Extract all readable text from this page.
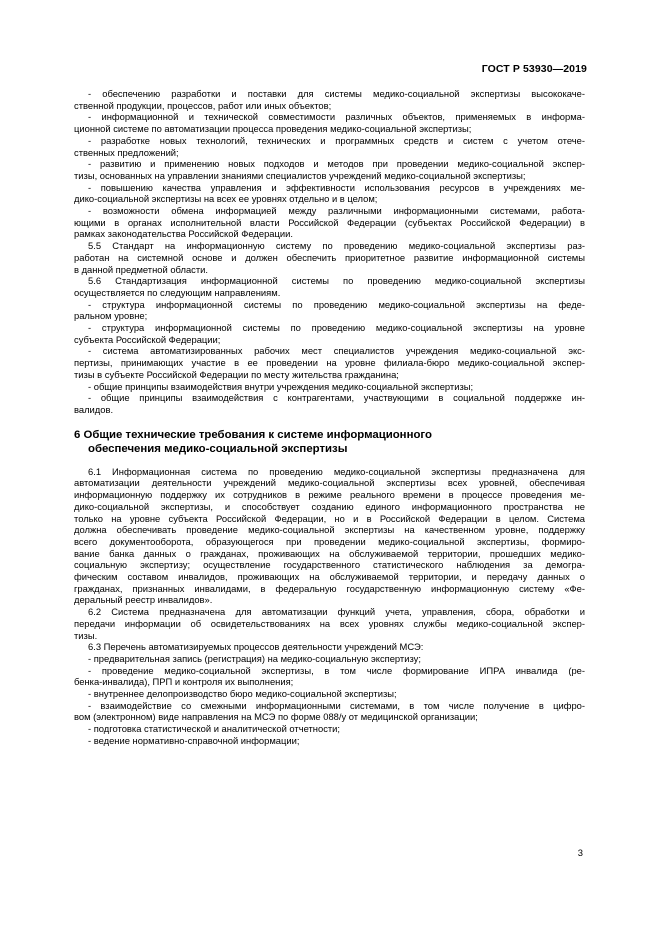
ГОСТ Р 53930—2019
- обеспечению разработки и поставки для системы медико-социальной экспертизы высококаче-
ственной продукции, процессов, работ или иных объектов;
- информационной и технической совместимости различных объектов, применяемых в информа-
ционной системе по автоматизации процесса проведения медико-социальной экспертизы;
- разработке новых технологий, технических и программных средств и систем с учетом отече-
ственных предложений;
- развитию и применению новых подходов и методов при проведении медико-социальной экспер-
тизы, основанных на управлении знаниями специалистов учреждений медико-социальной экспертизы;
- повышению качества управления и эффективности использования ресурсов в учреждениях ме-
дико-социальной экспертизы на всех ее уровнях отдельно и в целом;
- возможности обмена информацией между различными информационными системами, работа-
ющими в органах исполнительной власти Российской Федерации (субъектах Российской Федерации) в
рамках законодательства Российской Федерации.
5.5 Стандарт на информационную систему по проведению медико-социальной экспертизы раз-
работан на системной основе и должен обеспечить приоритетное развитие информационной системы
в данной предметной области.
5.6 Стандартизация информационной системы по проведению медико-социальной экспертизы
осуществляется по следующим направлениям.
- структура информационной системы по проведению медико-социальной экспертизы на феде-
ральном уровне;
- структура информационной системы по проведению медико-социальной экспертизы на уровне
субъекта Российской Федерации;
- система автоматизированных рабочих мест специалистов учреждения медико-социальной экс-
пертизы, принимающих участие в ее проведении на уровне филиала-бюро медико-социальной экспер-
тизы в субъекте Российской Федерации по месту жительства гражданина;
- общие принципы взаимодействия внутри учреждения медико-социальной экспертизы;
- общие принципы взаимодействия с контрагентами, участвующими в социальной поддержке ин-
валидов.
6 Общие технические требования к системе информационного
обеспечения медико-социальной экспертизы
6.1 Информационная система по проведению медико-социальной экспертизы предназначена для
автоматизации деятельности учреждений медико-социальной экспертизы всех уровней, обеспечивая
информационную поддержку их сотрудников в режиме реального времени в процессе проведения ме-
дико-социальной экспертизы, и способствует созданию единого информационного пространства не
только на уровне субъекта Российской Федерации, но и в Российской Федерации в целом. Система
должна обеспечивать проведение медико-социальной экспертизы на качественном уровне, поддержку
всего документооборота, образующегося при проведении медико-социальной экспертизы, формиро-
вание банка данных о гражданах, проживающих на обслуживаемой территории, прошедших медико-
социальную экспертизу; осуществление государственного статистического наблюдения за демогра-
фическим составом инвалидов, проживающих на обслуживаемой территории, и передачу данных о
гражданах, признанных инвалидами, в федеральную государственную информационную систему «Фе-
деральный реестр инвалидов».
6.2 Система предназначена для автоматизации функций учета, управления, сбора, обработки и
передачи информации об освидетельствованиях на всех уровнях службы медико-социальной экспер-
тизы.
6.3 Перечень автоматизируемых процессов деятельности учреждений МСЭ:
- предварительная запись (регистрация) на медико-социальную экспертизу;
- проведение медико-социальной экспертизы, в том числе формирование ИПРА инвалида (ре-
бенка-инвалида), ПРП и контроля их выполнения;
- внутреннее делопроизводство бюро медико-социальной экспертизы;
- взаимодействие со смежными информационными системами, в том числе получение в цифро-
вом (электронном) виде направления на МСЭ по форме 088/у от медицинской организации;
- подготовка статистической и аналитической отчетности;
- ведение нормативно-справочной информации;
3
